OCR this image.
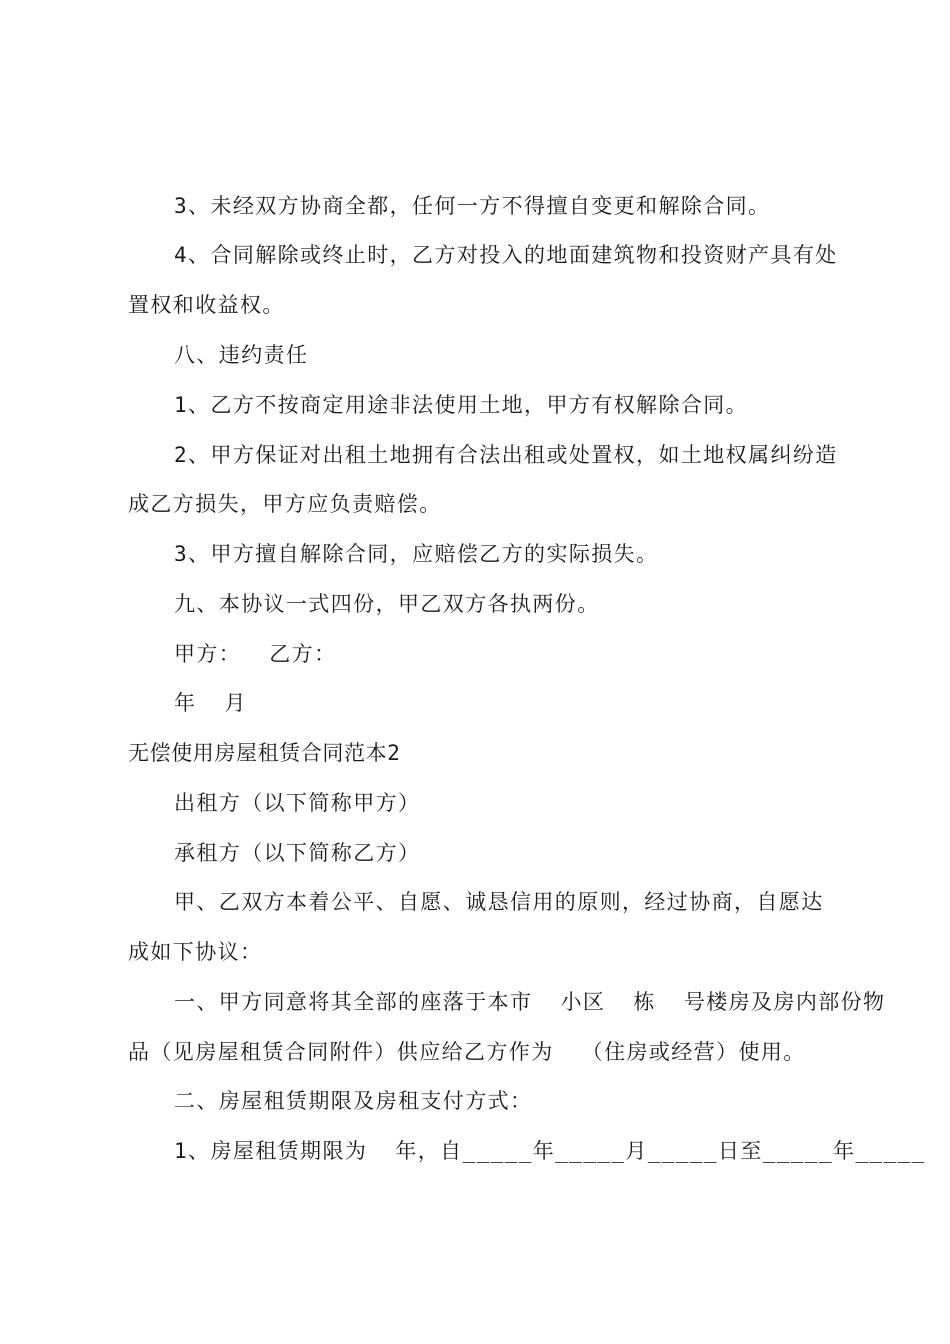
3、未经双方协商全都，任何一方不得擅自变更和解除合同。
4、合同解除或终止时，乙方对投入的地面建筑物和投资财产具有处
置权和收益权。
八、违约责任
1、乙方不按商定用途非法使用土地，甲方有权解除合同。
2、甲方保证对出租土地拥有合法出租或处置权，如土地权属纠纷造
成乙方损失，甲方应负责赔偿。
3、甲方擅自解除合同，应赔偿乙方的实际损失。
九、本协议一式四份，甲乙双方各执两份。
甲方：  乙方：
年  月
无偿使用房屋租赁合同范本2
出租方（以下简称甲方）
承租方（以下简称乙方）
甲、乙双方本着公平、自愿、诚恳信用的原则，经过协商，自愿达
成如下协议：
一、甲方同意将其全部的座落于本市  小区  栋  号楼房及房内部份物
品（见房屋租赁合同附件）供应给乙方作为  （住房或经营）使用。
二、房屋租赁期限及房租支付方式：
1、房屋租赁期限为  年，自_____年_____月_____日至_____年_____
